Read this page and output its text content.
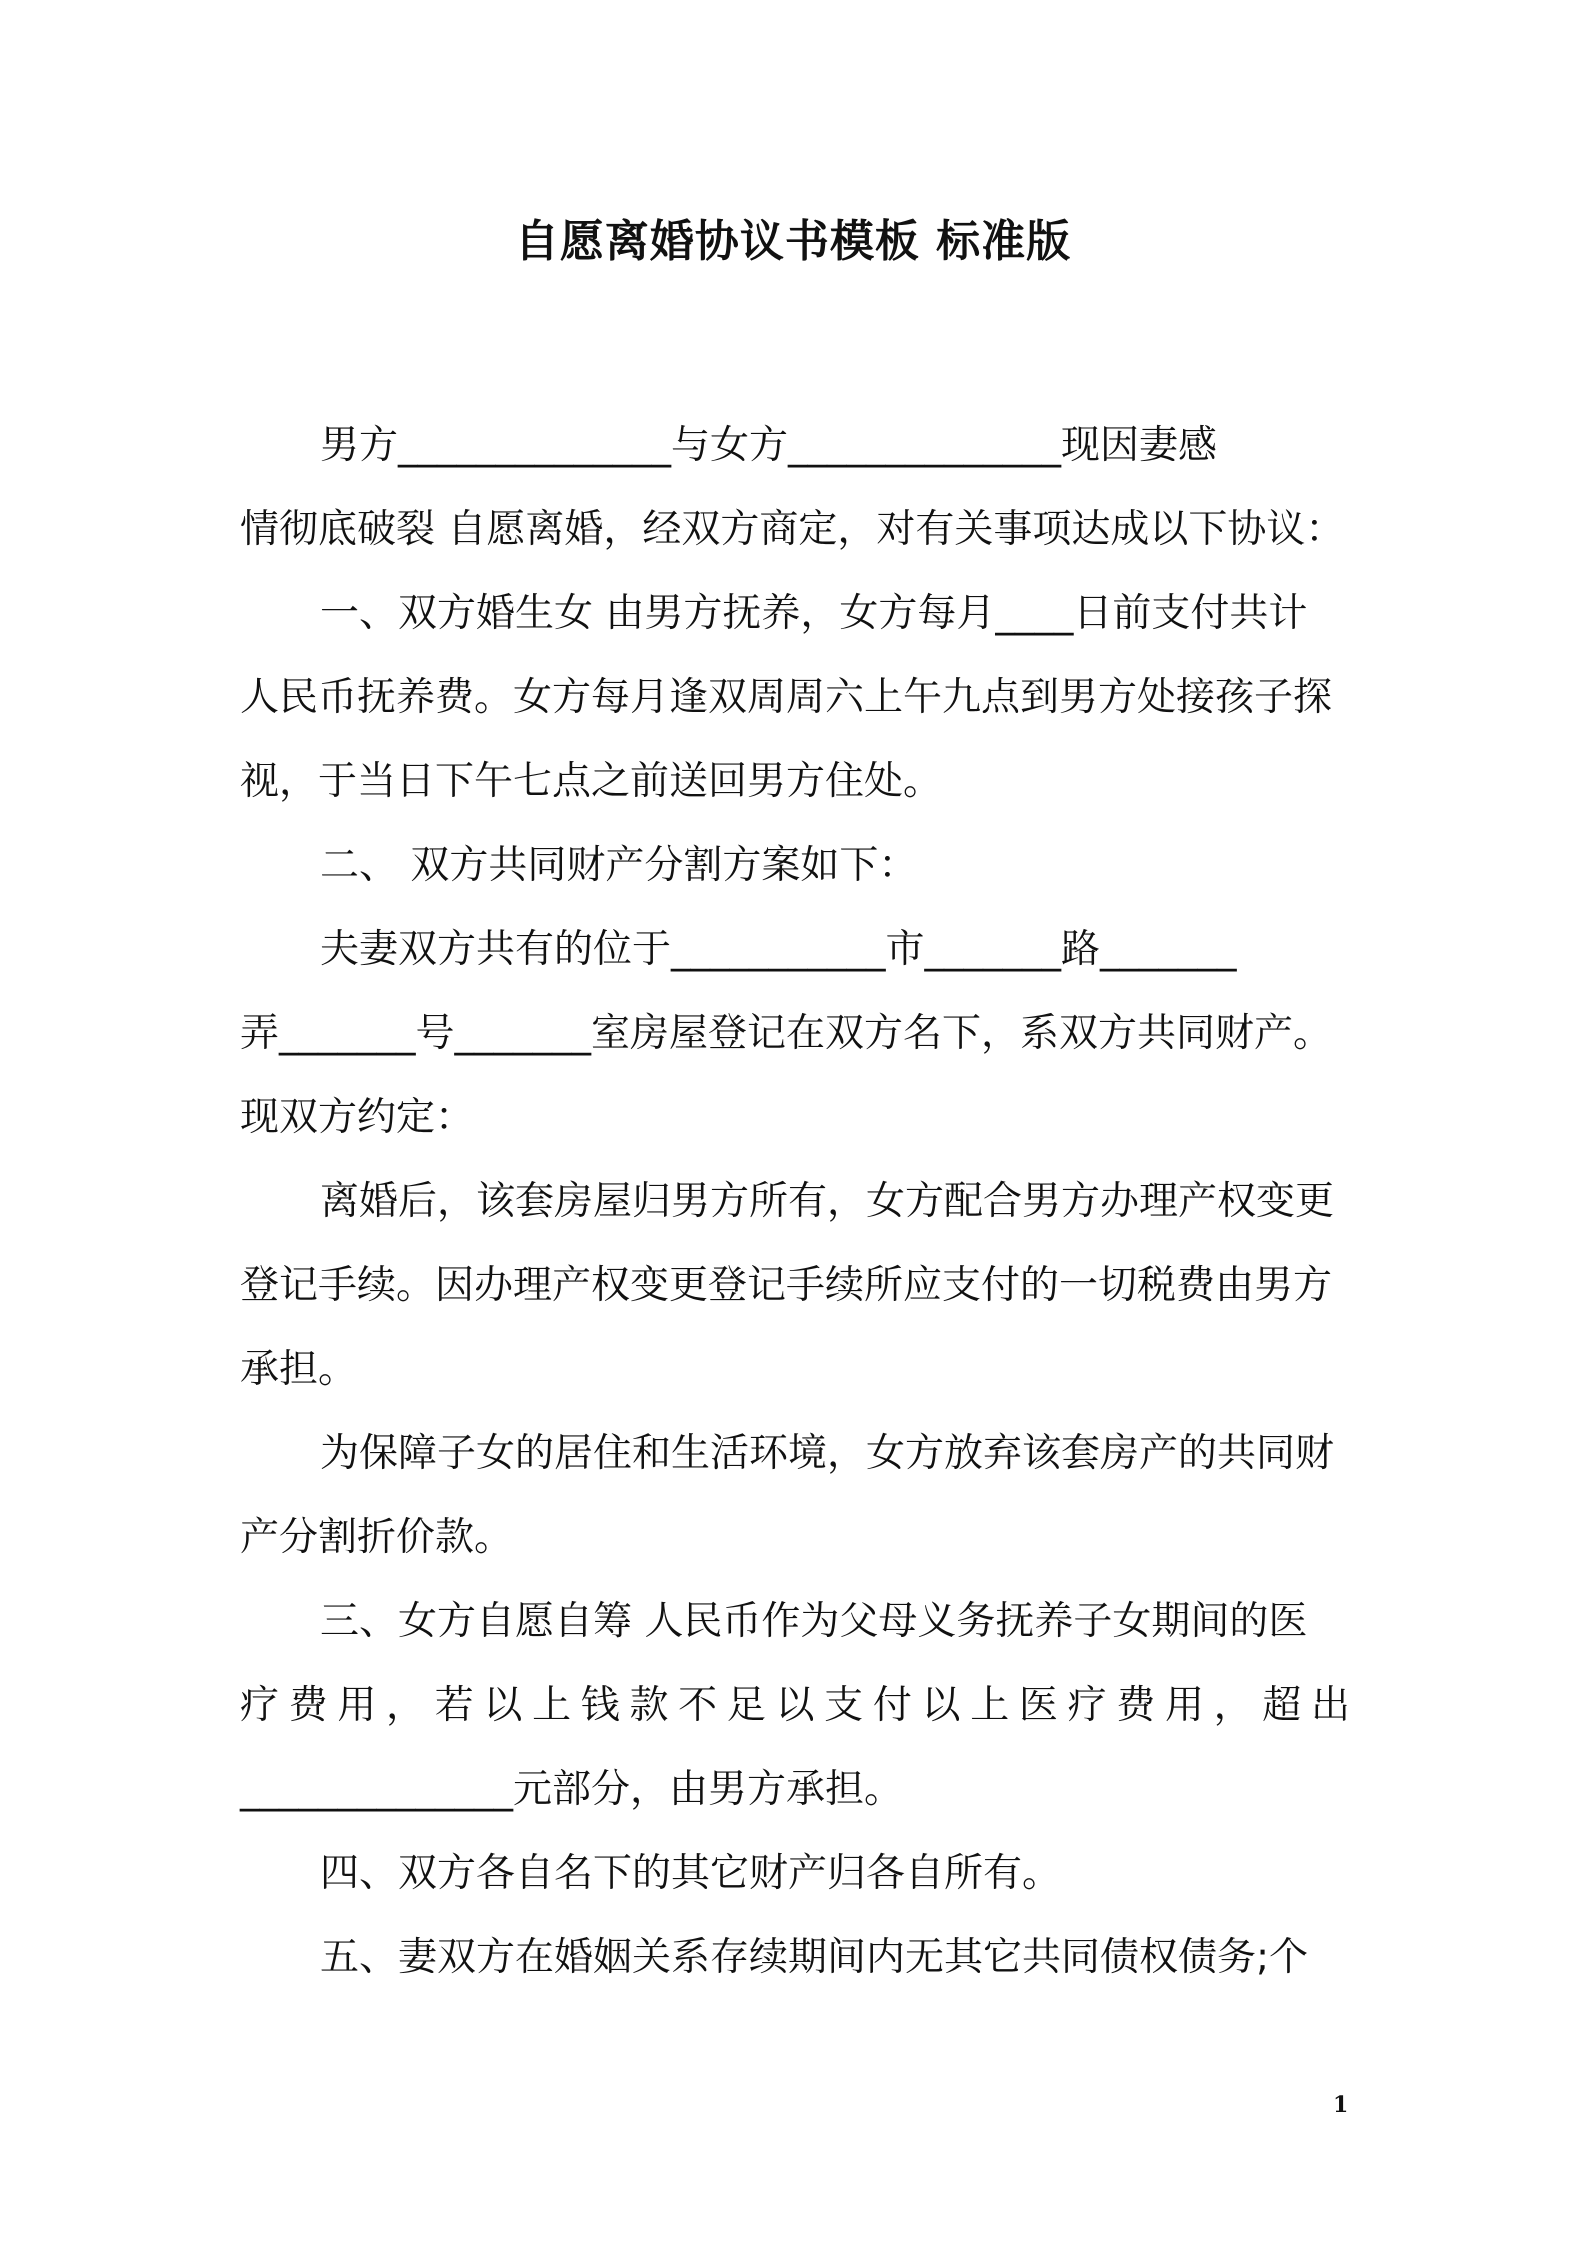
自愿离婚协议书模板 标准版
男方______________与女方______________现因妻感
情彻底破裂 自愿离婚，经双方商定，对有关事项达成以下协议：
一、双方婚生女 由男方抚养，女方每月____日前支付共计
人民币抚养费。女方每月逢双周周六上午九点到男方处接孩子探
视，于当日下午七点之前送回男方住处。
二、 双方共同财产分割方案如下：
夫妻双方共有的位于___________市_______路_______
弄_______号_______室房屋登记在双方名下，系双方共同财产。
现双方约定：
离婚后，该套房屋归男方所有，女方配合男方办理产权变更
登记手续。因办理产权变更登记手续所应支付的一切税费由男方
承担。
为保障子女的居住和生活环境，女方放弃该套房产的共同财
产分割折价款。
三、女方自愿自筹 人民币作为父母义务抚养子女期间的医
疗费用，若以上钱款不足以支付以上医疗费用，超出
______________元部分，由男方承担。
四、双方各自名下的其它财产归各自所有。
五、妻双方在婚姻关系存续期间内无其它共同债权债务;个
1
